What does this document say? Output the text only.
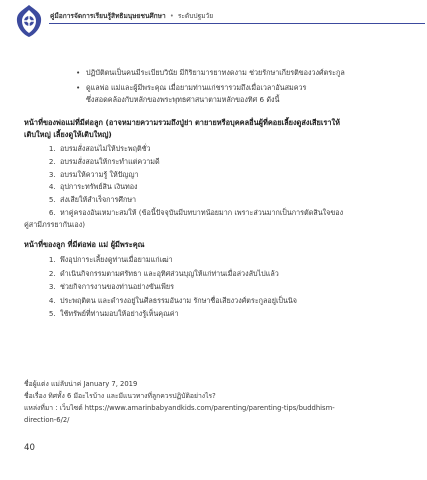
คู่มือการจัดการเรียนรู้สิทธิมนุษยชนศึกษา • ระดับปฐมวัย
• ปฏิบัติตนเป็นคนมีระเบียบวินัย มีกิริยามารยาทงดงาม ช่วยรักษาเกียรติของวงศ์ตระกูล
• ดูแลพ่อ แม่และผู้มีพระคุณ เมื่อยามท่านแก่ชรารวมถึงเมื่อเวลาอันสมควร
ซึ่งสอดคล้องกับหลักของพระพุทธศาสนาตามหลักของทิศ 6 ดังนี้
หน้าที่ของพ่อแม่ที่มีต่อลูก (อาจหมายความรวมถึงปู่ย่า ตายายหรือบุคคลอื่นผู้ที่คอยเลี้ยงดูส่งเสียเราให้
เติบใหญ่ เลี้ยงดูให้เติบใหญ่)
1. อบรมสั่งสอนไม่ให้ประพฤติชั่ว
2. อบรมสั่งสอนให้กระทำแต่ความดี
3. อบรมให้ความรู้ ให้ปัญญา
4. อุปการะทรัพย์สิน เงินทอง
5. ส่งเสียให้สำเร็จการศึกษา
6. หาคู่ครองอันเหมาะสมให้ (ข้อนี้ปัจจุบันมีบทบาทน้อยมาก เพราะส่วนมากเป็นการตัดสินใจของ
คู่สามีภรรยากันเอง)
หน้าที่ของลูก ที่มีต่อพ่อ แม่ ผู้มีพระคุณ
1. พึงอุปการะเลี้ยงดูท่านเมื่อยามแก่เฒ่า
2. ดำเนินกิจกรรมตามศรัทธา และอุทิศส่วนบุญให้แก่ท่านเมื่อล่วงลับไปแล้ว
3. ช่วยกิจการงานของท่านอย่างขันเพียร
4. ประพฤติตน และดำรงอยู่ในศีลธรรมอันงาม รักษาชื่อเสียงวงศ์ตระกูลอยู่เป็นนิจ
5. ใช้ทรัพย์ที่ท่านมอบให้อย่างรู้เห็นคุณค่า
ชื่อผู้แต่ง แม่ลับน่าค่ January 7, 2019
ชื่อเรื่อง ทิศทั้ง 6 มีอะไรบ้าง และมีแนวทางที่ลูกควรปฏิบัติอย่างไร?
แหล่งที่มา : เว็บไซต์ https://www.amarinbabyandkids.com/parenting/parenting-tips/buddhism-
direction-6/2/
40
